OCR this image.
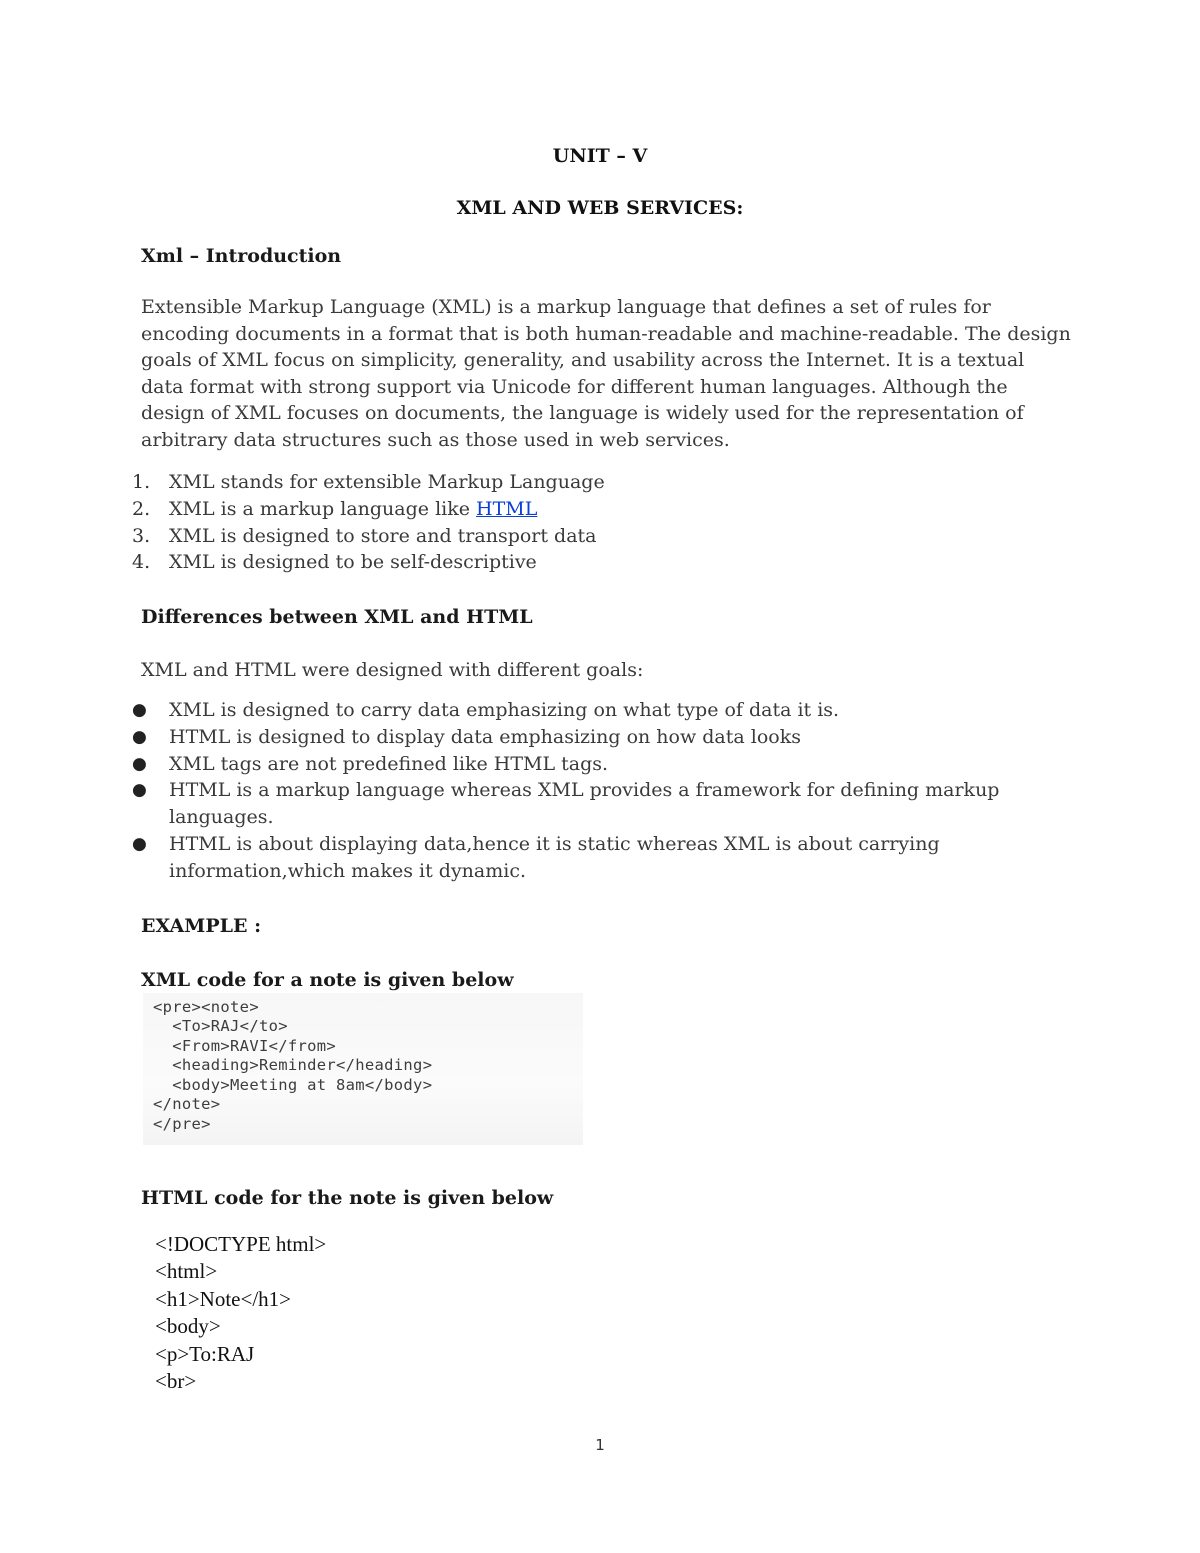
UNIT – V
XML AND WEB SERVICES:
Xml – Introduction
Extensible Markup Language (XML) is a markup language that defines a set of rules for
encoding documents in a format that is both human-readable and machine-readable. The design
goals of XML focus on simplicity, generality, and usability across the Internet. It is a textual
data format with strong support via Unicode for different human languages. Although the
design of XML focuses on documents, the language is widely used for the representation of
arbitrary data structures such as those used in web services.
1. XML stands for extensible Markup Language
2. XML is a markup language like HTML
3. XML is designed to store and transport data
4. XML is designed to be self-descriptive
Differences between XML and HTML
XML and HTML were designed with different goals:
● XML is designed to carry data emphasizing on what type of data it is.
● HTML is designed to display data emphasizing on how data looks
● XML tags are not predefined like HTML tags.
● HTML is a markup language whereas XML provides a framework for defining markup
languages.
● HTML is about displaying data,hence it is static whereas XML is about carrying
information,which makes it dynamic.
EXAMPLE :
XML code for a note is given below
<pre><note>
<To>RAJ</to>
<From>RAVI</from>
<heading>Reminder</heading>
<body>Meeting at 8am</body>
</note>
</pre>
HTML code for the note is given below
<!DOCTYPE html>
<html>
<h1>Note</h1>
<body>
<p>To:RAJ
<br>
1
